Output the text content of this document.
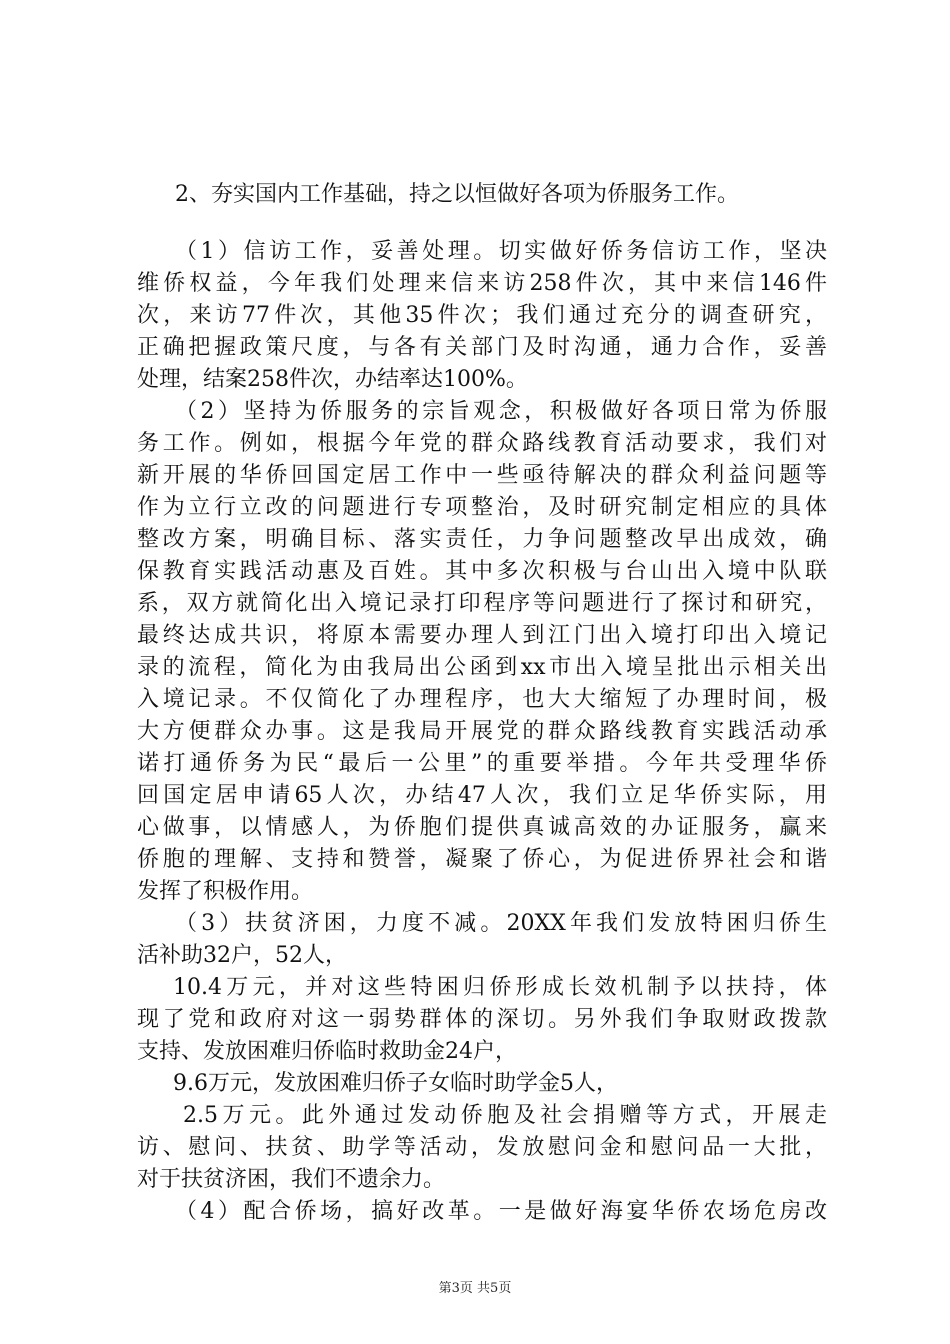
2、夯实国内工作基础，持之以恒做好各项为侨服务工作。
（1）信访工作，妥善处理。切实做好侨务信访工作，坚决
维侨权益，今年我们处理来信来访258件次，其中来信146件
次，来访77件次，其他35件次；我们通过充分的调查研究，
正确把握政策尺度，与各有关部门及时沟通，通力合作，妥善
处理，结案258件次，办结率达100%。
（2）坚持为侨服务的宗旨观念，积极做好各项日常为侨服
务工作。例如，根据今年党的群众路线教育活动要求，我们对
新开展的华侨回国定居工作中一些亟待解决的群众利益问题等
作为立行立改的问题进行专项整治，及时研究制定相应的具体
整改方案，明确目标、落实责任，力争问题整改早出成效，确
保教育实践活动惠及百姓。其中多次积极与台山出入境中队联
系，双方就简化出入境记录打印程序等问题进行了探讨和研究，
最终达成共识，将原本需要办理人到江门出入境打印出入境记
录的流程，简化为由我局出公函到xx市出入境呈批出示相关出
入境记录。不仅简化了办理程序，也大大缩短了办理时间，极
大方便群众办事。这是我局开展党的群众路线教育实践活动承
诺打通侨务为民“最后一公里”的重要举措。今年共受理华侨
回国定居申请65人次，办结47人次，我们立足华侨实际，用
心做事，以情感人，为侨胞们提供真诚高效的办证服务，赢来
侨胞的理解、支持和赞誉，凝聚了侨心，为促进侨界社会和谐
发挥了积极作用。
（3）扶贫济困，力度不减。20XX年我们发放特困归侨生
活补助32户，52人，
10.4万元，并对这些特困归侨形成长效机制予以扶持，体
现了党和政府对这一弱势群体的深切。另外我们争取财政拨款
支持、发放困难归侨临时救助金24户，
9.6万元，发放困难归侨子女临时助学金5人，
2.5万元。此外通过发动侨胞及社会捐赠等方式，开展走
访、慰问、扶贫、助学等活动，发放慰问金和慰问品一大批，
对于扶贫济困，我们不遗余力。
（4）配合侨场，搞好改革。一是做好海宴华侨农场危房改
第3页 共5页
